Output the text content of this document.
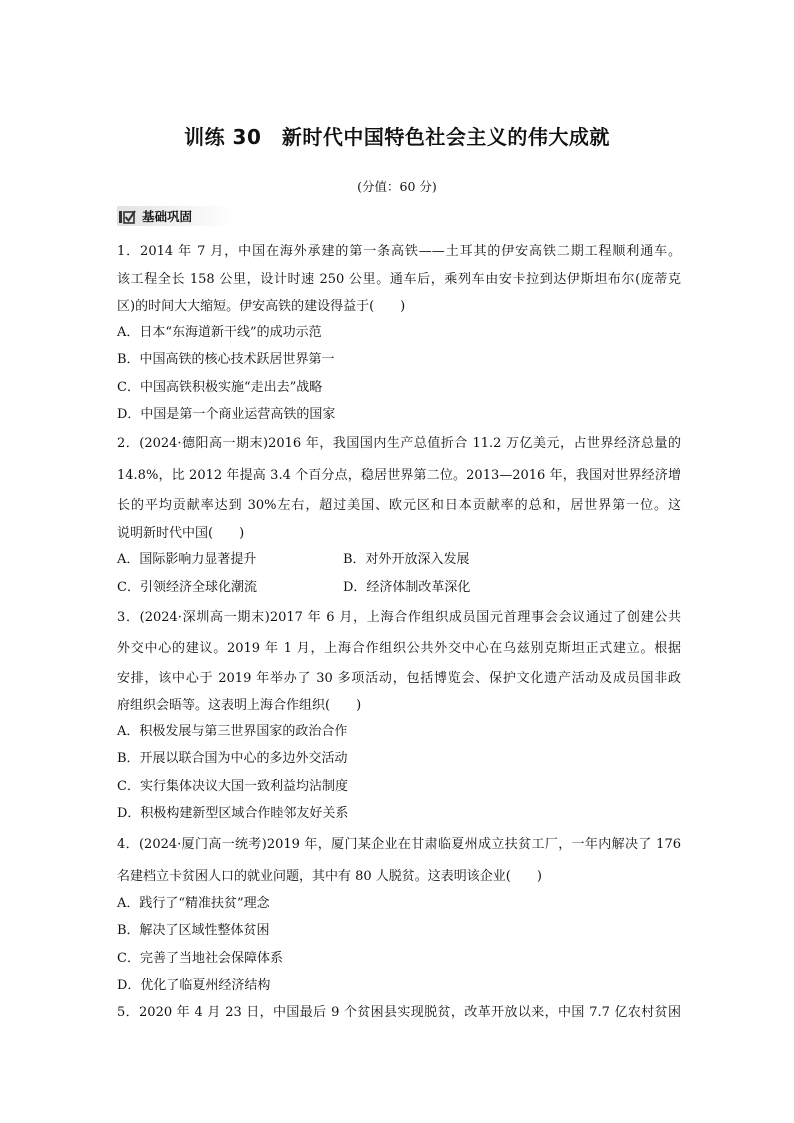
训练 30　新时代中国特色社会主义的伟大成就
(分值：60 分)
基础巩固
1．2014 年 7 月，中国在海外承建的第一条高铁——土耳其的伊安高铁二期工程顺利通车。
该工程全长 158 公里，设计时速 250 公里。通车后，乘列车由安卡拉到达伊斯坦布尔(庞蒂克
区)的时间大大缩短。伊安高铁的建设得益于(　　)
A．日本“东海道新干线”的成功示范
B．中国高铁的核心技术跃居世界第一
C．中国高铁积极实施“走出去”战略
D．中国是第一个商业运营高铁的国家
2．(2024·德阳高一期末)2016 年，我国国内生产总值折合 11.2 万亿美元，占世界经济总量的
14.8%，比 2012 年提高 3.4 个百分点，稳居世界第二位。2013—2016 年，我国对世界经济增
长的平均贡献率达到 30%左右，超过美国、欧元区和日本贡献率的总和，居世界第一位。这
说明新时代中国(　　)
A．国际影响力显著提升	B．对外开放深入发展
C．引领经济全球化潮流	D．经济体制改革深化
3．(2024·深圳高一期末)2017 年 6 月，上海合作组织成员国元首理事会会议通过了创建公共
外交中心的建议。2019 年 1 月，上海合作组织公共外交中心在乌兹别克斯坦正式建立。根据
安排，该中心于 2019 年举办了 30 多项活动，包括博览会、保护文化遗产活动及成员国非政
府组织会晤等。这表明上海合作组织(　　)
A．积极发展与第三世界国家的政治合作
B．开展以联合国为中心的多边外交活动
C．实行集体决议大国一致利益均沾制度
D．积极构建新型区域合作睦邻友好关系
4．(2024·厦门高一统考)2019 年，厦门某企业在甘肃临夏州成立扶贫工厂，一年内解决了 176
名建档立卡贫困人口的就业问题，其中有 80 人脱贫。这表明该企业(　　)
A．践行了“精准扶贫”理念
B．解决了区域性整体贫困
C．完善了当地社会保障体系
D．优化了临夏州经济结构
5．2020 年 4 月 23 日，中国最后 9 个贫困县实现脱贫，改革开放以来，中国 7.7 亿农村贫困
